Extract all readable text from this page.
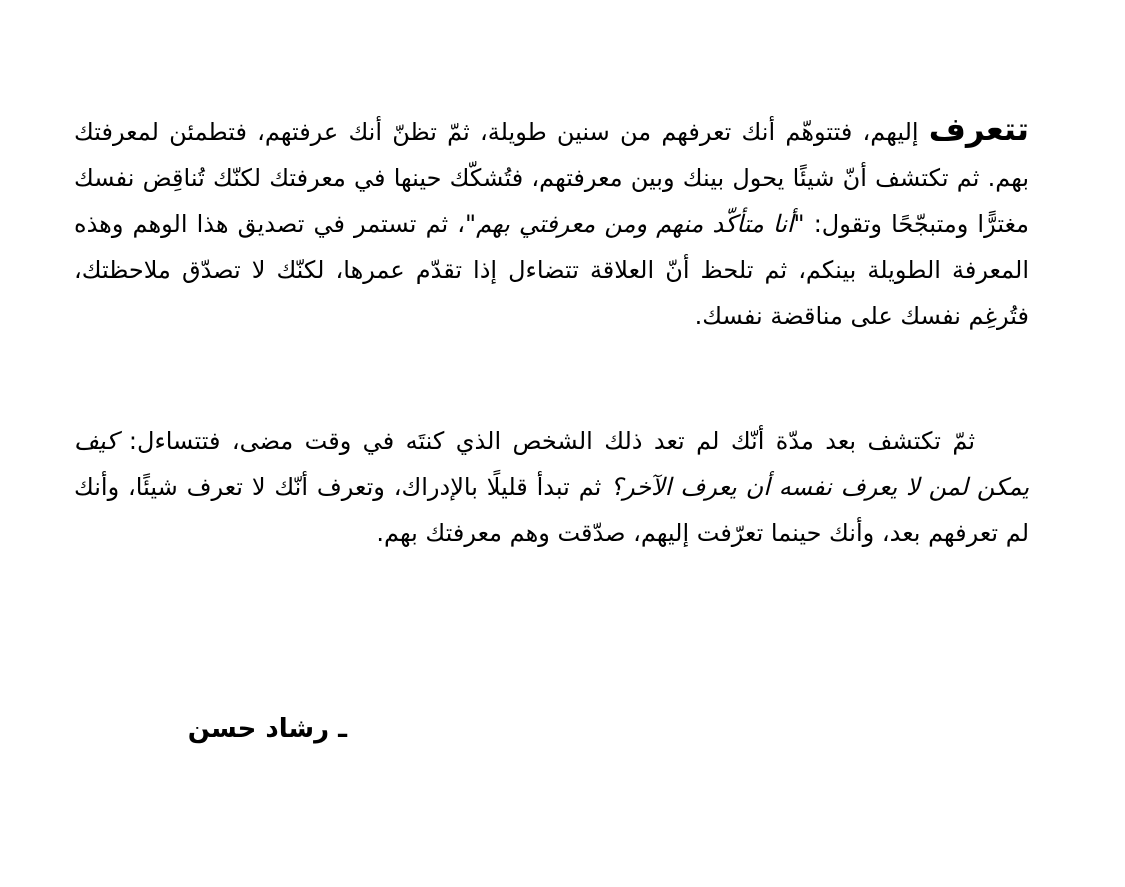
تتعرف إليهم، فتتوهّم أنك تعرفهم من سنين طويلة، ثمّ تظنّ أنك عرفتهم، فتطمئن لمعرفتك بهم. ثم تكتشف أنّ شيئًا يحول بينك وبين معرفتهم، فتُشكّك حينها في معرفتك لكنّك تُناقِض نفسك مغترًّا ومتبجّحًا وتقول: "أنا متأكّد منهم ومن معرفتي بهم"، ثم تستمر في تصديق هذا الوهم وهذه المعرفة الطويلة بينكم، ثم تلحظ أنّ العلاقة تتضاءل إذا تقدّم عمرها، لكنّك لا تصدّق ملاحظتك، فتُرغِم نفسك على مناقضة نفسك.

ثمّ تكتشف بعد مدّة أنّك لم تعد ذلك الشخص الذي كنتَه في وقت مضى، فتتساءل: كيف يمكن لمن لا يعرف نفسه أن يعرف الآخر؟ ثم تبدأ قليلًا بالإدراك، وتعرف أنّك لا تعرف شيئًا، وأنك لم تعرفهم بعد، وأنك حينما تعرّفت إليهم، صدّقت وهم معرفتك بهم.

ـ رشاد حسن
